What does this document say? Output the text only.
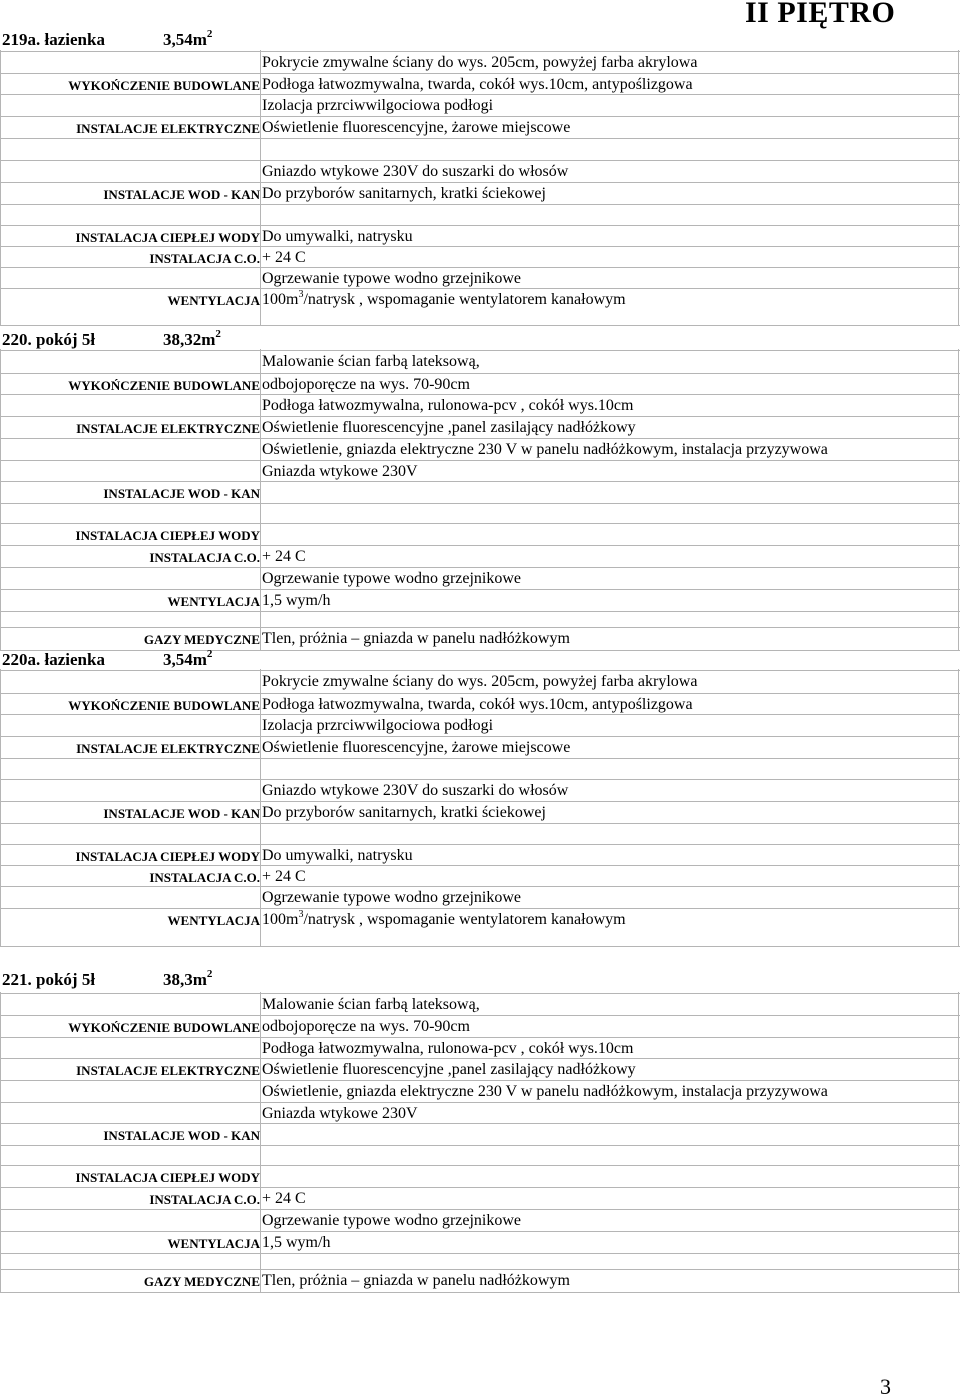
II PIĘTRO
219a. łazienka	$3,54m^2$
Pokrycie zmywalne ściany do wys. 205cm, powyżej farba akrylowa
WYKOŃCZENIE BUDOWLANE Podłoga łatwozmywalna, twarda, cokół wys.10cm, antypoślizgowa
Izolacja przrciwwilgociowa podłogi
INSTALACJE ELEKTRYCZNE Oświetlenie fluorescencyjne, żarowe miejscowe
Gniazdo wtykowe 230V do suszarki do włosów
INSTALACJE WOD - KAN Do przyborów sanitarnych, kratki ściekowej
INSTALACJA CIEPŁEJ WODY Do umywalki, natrysku
INSTALACJA C.O. + 24 C
Ogrzewanie typowe wodno grzejnikowe
WENTYLACJA $100m^3$/natrysk , wspomaganie wentylatorem kanałowym
220. pokój 5ł	$38,32m^2$
Malowanie ścian farbą lateksową,
WYKOŃCZENIE BUDOWLANE odbojoporęcze na wys. 70-90cm
Podłoga łatwozmywalna, rulonowa-pcv , cokół wys.10cm
INSTALACJE ELEKTRYCZNE Oświetlenie fluorescencyjne ,panel zasilający nadłóżkowy
Oświetlenie, gniazda elektryczne 230 V w panelu nadłóżkowym, instalacja przyzywowa
Gniazda wtykowe 230V
INSTALACJE WOD - KAN
INSTALACJA CIEPŁEJ WODY
INSTALACJA C.O. + 24 C
Ogrzewanie typowe wodno grzejnikowe
WENTYLACJA 1,5 wym/h
GAZY MEDYCZNE Tlen, próżnia – gniazda w panelu nadłóżkowym
220a. łazienka	$3,54m^2$
Pokrycie zmywalne ściany do wys. 205cm, powyżej farba akrylowa
WYKOŃCZENIE BUDOWLANE Podłoga łatwozmywalna, twarda, cokół wys.10cm, antypoślizgowa
Izolacja przrciwwilgociowa podłogi
INSTALACJE ELEKTRYCZNE Oświetlenie fluorescencyjne, żarowe miejscowe
Gniazdo wtykowe 230V do suszarki do włosów
INSTALACJE WOD - KAN Do przyborów sanitarnych, kratki ściekowej
INSTALACJA CIEPŁEJ WODY Do umywalki, natrysku
INSTALACJA C.O. + 24 C
Ogrzewanie typowe wodno grzejnikowe
WENTYLACJA $100m^3$/natrysk , wspomaganie wentylatorem kanałowym
221. pokój 5ł	$38,3m^2$
Malowanie ścian farbą lateksową,
WYKOŃCZENIE BUDOWLANE odbojoporęcze na wys. 70-90cm
Podłoga łatwozmywalna, rulonowa-pcv , cokół wys.10cm
INSTALACJE ELEKTRYCZNE Oświetlenie fluorescencyjne ,panel zasilający nadłóżkowy
Oświetlenie, gniazda elektryczne 230 V w panelu nadłóżkowym, instalacja przyzywowa
Gniazda wtykowe 230V
INSTALACJE WOD - KAN
INSTALACJA CIEPŁEJ WODY
INSTALACJA C.O. + 24 C
Ogrzewanie typowe wodno grzejnikowe
WENTYLACJA 1,5 wym/h
GAZY MEDYCZNE Tlen, próżnia – gniazda w panelu nadłóżkowym
3
